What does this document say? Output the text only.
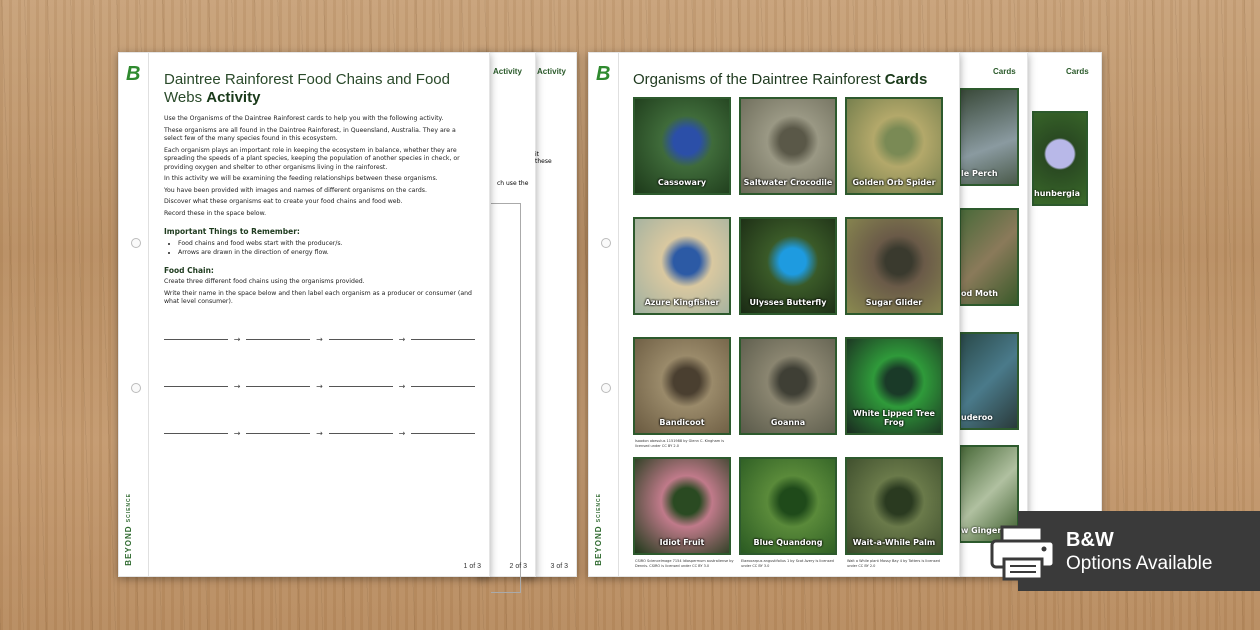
Activity
3 of 3
Activity
it these
ch use the
2 of 3
B
BEYOND SCIENCE
Daintree Rainforest Food Chains and Food Webs Activity

Use the Organisms of the Daintree Rainforest cards to help you with the following activity.

These organisms are all found in the Daintree Rainforest, in Queensland, Australia. They are a select few of the many species found in this ecosystem.

Each organism plays an important role in keeping the ecosystem in balance, whether they are spreading the speeds of a plant species, keeping the population of another species in check, or providing oxygen and shelter to other organisms living in the rainforest.

In this activity we will be examining the feeding relationships between these organisms.

You have been provided with images and names of different organisms on the cards.

Discover what these organisms eat to create your food chains and food web.

Record these in the space below.

Important Things to Remember:
• Food chains and food webs start with the producer/s.
• Arrows are drawn in the direction of energy flow.
Food Chain:

Create three different food chains using the organisms provided.

Write their name in the space below and then label each organism as a producer or consumer (and what level consumer).

→	→	→
→	→	→
→	→	→
1 of 3
Cards
hunbergia
Cards
le Perch
od Moth
uderoo
w Ginger
B
BEYOND SCIENCE
Organisms of the Daintree Rainforest Cards
Cassowary	Saltwater Crocodile	Golden Orb Spider
Azure Kingfisher	Ulysses Butterfly	Sugar Glider
Bandicoot
Isoodon obesulus 1151988 by Glenn C. Kingham is licensed under CC BY 2.0
Goanna
White Lipped Tree Frog
Idiot Fruit
CSIRO ScienceImage 7154 Idiospermum australiense by Dennis. CSIRO is licensed under CC BY 3.0
Blue Quandong
Elaeocarpus angustifolius 1 by Scot Avery is licensed under CC BY 3.0
Wait-a-While Palm
Wait a While plant Mossy Bay 4 by Tatters is licensed under CC BY 2.0
B&W
Options Available
